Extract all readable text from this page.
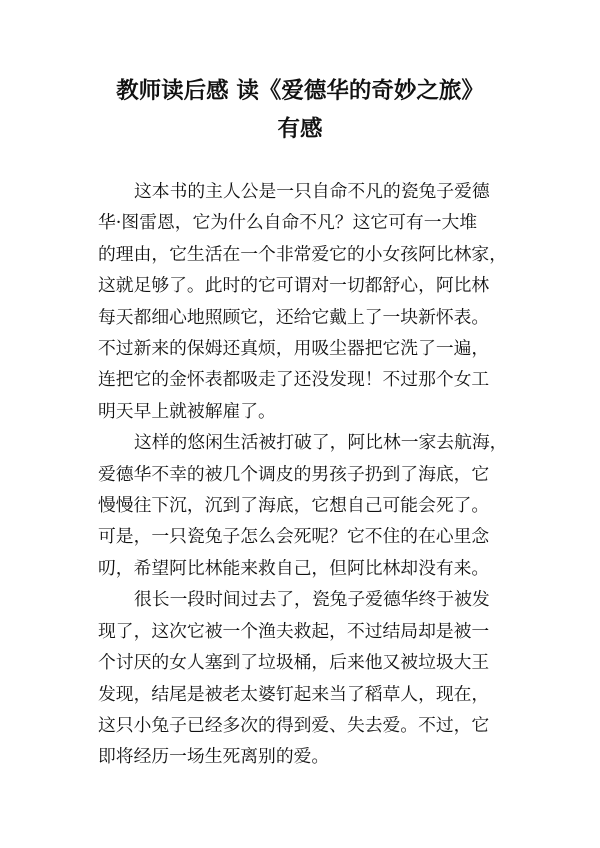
教师读后感 读《爱德华的奇妙之旅》
有感

这本书的主人公是一只自命不凡的瓷兔子爱德
华·图雷恩，它为什么自命不凡？这它可有一大堆
的理由，它生活在一个非常爱它的小女孩阿比林家，
这就足够了。此时的它可谓对一切都舒心，阿比林
每天都细心地照顾它，还给它戴上了一块新怀表。
不过新来的保姆还真烦，用吸尘器把它洗了一遍，
连把它的金怀表都吸走了还没发现！不过那个女工
明天早上就被解雇了。

这样的悠闲生活被打破了，阿比林一家去航海，
爱德华不幸的被几个调皮的男孩子扔到了海底，它
慢慢往下沉，沉到了海底，它想自己可能会死了。
可是，一只瓷兔子怎么会死呢？它不住的在心里念
叨，希望阿比林能来救自己，但阿比林却没有来。

很长一段时间过去了，瓷兔子爱德华终于被发
现了，这次它被一个渔夫救起，不过结局却是被一
个讨厌的女人塞到了垃圾桶，后来他又被垃圾大王
发现，结尾是被老太婆钉起来当了稻草人，现在，
这只小兔子已经多次的得到爱、失去爱。不过，它
即将经历一场生死离别的爱。
